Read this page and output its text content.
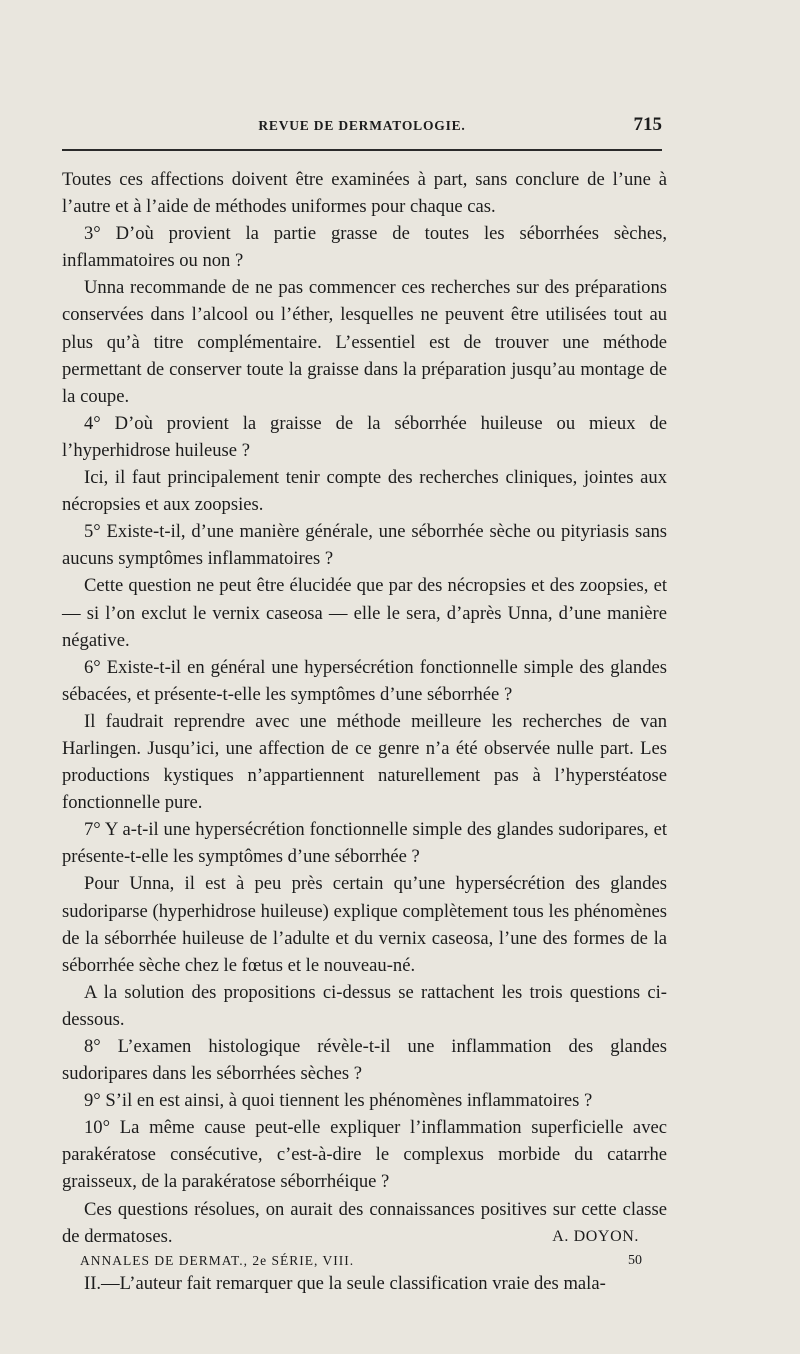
REVUE DE DERMATOLOGIE.	715

Toutes ces affections doivent être examinées à part, sans conclure de l’une à l’autre et à l’aide de méthodes uniformes pour chaque cas.

3° D’où provient la partie grasse de toutes les séborrhées sèches, inflammatoires ou non ?

Unna recommande de ne pas commencer ces recherches sur des préparations conservées dans l’alcool ou l’éther, lesquelles ne peuvent être utilisées tout au plus qu’à titre complémentaire. L’essentiel est de trouver une méthode permettant de conserver toute la graisse dans la préparation jusqu’au montage de la coupe.

4° D’où provient la graisse de la séborrhée huileuse ou mieux de l’hyperhidrose huileuse ?

Ici, il faut principalement tenir compte des recherches cliniques, jointes aux nécropsies et aux zoopsies.

5° Existe-t-il, d’une manière générale, une séborrhée sèche ou pityriasis sans aucuns symptômes inflammatoires ?

Cette question ne peut être élucidée que par des nécropsies et des zoopsies, et — si l’on exclut le vernix caseosa — elle le sera, d’après Unna, d’une manière négative.

6° Existe-t-il en général une hypersécrétion fonctionnelle simple des glandes sébacées, et présente-t-elle les symptômes d’une séborrhée ?

Il faudrait reprendre avec une méthode meilleure les recherches de van Harlingen. Jusqu’ici, une affection de ce genre n’a été observée nulle part. Les productions kystiques n’appartiennent naturellement pas à l’hyperstéatose fonctionnelle pure.

7° Y a-t-il une hypersécrétion fonctionnelle simple des glandes sudoripares, et présente-t-elle les symptômes d’une séborrhée ?

Pour Unna, il est à peu près certain qu’une hypersécrétion des glandes sudoriparse (hyperhidrose huileuse) explique complètement tous les phénomènes de la séborrhée huileuse de l’adulte et du vernix caseosa, l’une des formes de la séborrhée sèche chez le fœtus et le nouveau-né.

A la solution des propositions ci-dessus se rattachent les trois questions ci-dessous.

8° L’examen histologique révèle-t-il une inflammation des glandes sudoripares dans les séborrhées sèches ?

9° S’il en est ainsi, à quoi tiennent les phénomènes inflammatoires ?

10° La même cause peut-elle expliquer l’inflammation superficielle avec parakératose consécutive, c’est-à-dire le complexus morbide du catarrhe graisseux, de la parakératose séborrhéique ?

Ces questions résolues, on aurait des connaissances positives sur cette classe de dermatoses.	A. DOYON.

II.—L’auteur fait remarquer que la seule classification vraie des mala-

ANNALES DE DERMAT., 2e SÉRIE, VIII.	50
